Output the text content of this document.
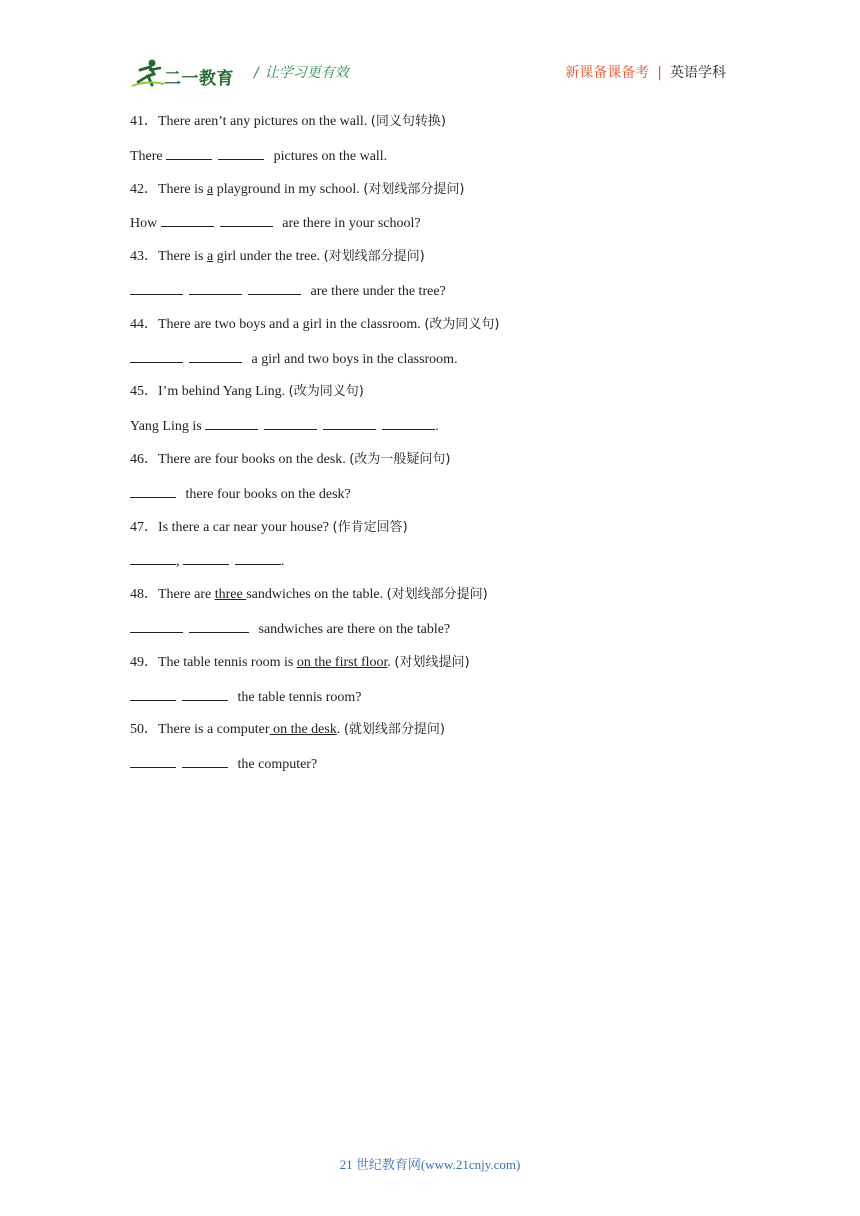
二一教育 / 让学习更有效	新课备课备考 | 英语学科
41．There aren’t any pictures on the wall. (同义句转换)
There	pictures on the wall.
42．There is a playground in my school. (对划线部分提问)
How	are there in your school?
43．There is a girl under the tree. (对划线部分提问)
are there under the tree?
44．There are two boys and a girl in the classroom. (改为同义句)
a girl and two boys in the classroom.
45．I’m behind Yang Ling. (改为同义句)
Yang Ling is	.
46．There are four books on the desk. (改为一般疑问句)
there four books on the desk?
47．Is there a car near your house? (作肯定回答)
,	.
48．There are three sandwiches on the table. (对划线部分提问)
sandwiches are there on the table?
49．The table tennis room is on the first floor. (对划线提问)
the table tennis room?
50．There is a computer on the desk. (就划线部分提问)
the computer?
21 世纪教育网(www.21cnjy.com)
